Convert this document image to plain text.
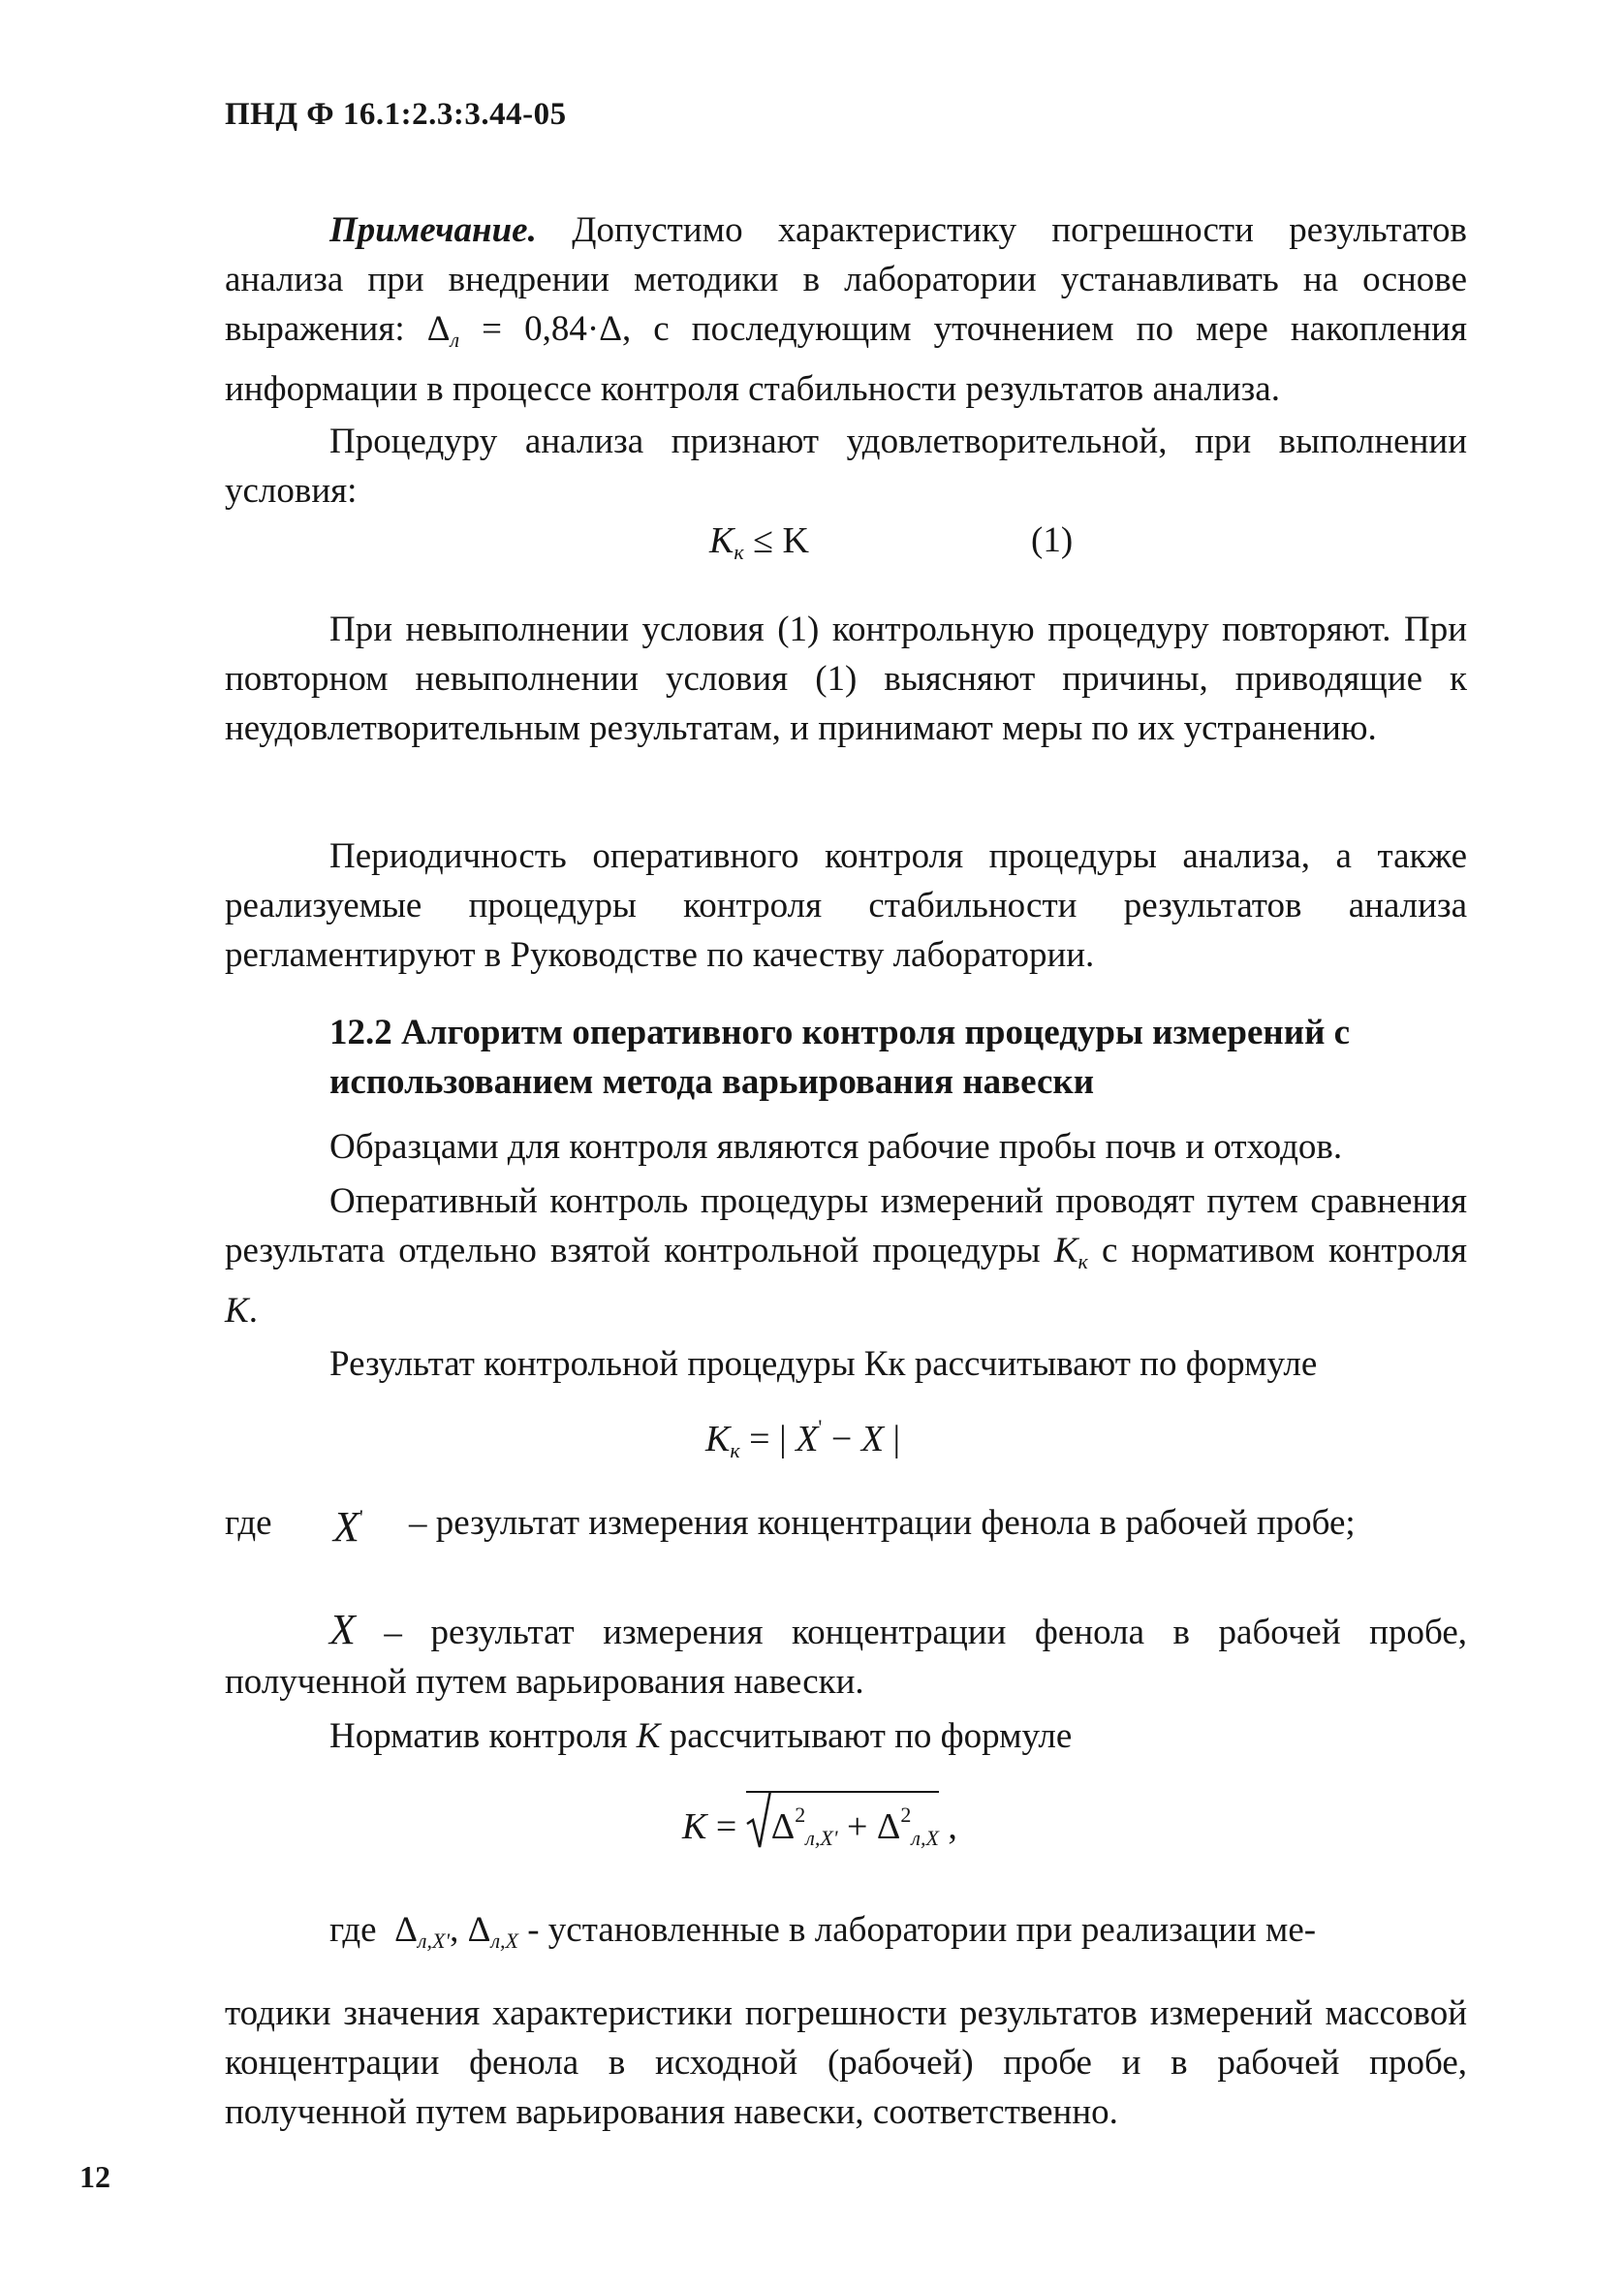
ПНД Ф 16.1:2.3:3.44-05

Примечание. Допустимо характеристику погрешности результатов анализа при внедрении методики в лаборатории устанавливать на основе выражения: $\Delta_л = 0,84\cdot\Delta$, с последующим уточнением по мере накопления информации в процессе контроля стабильности результатов анализа.

Процедуру анализа признают удовлетворительной, при выполнении условия:

$K_к \le K$	(1)

При невыполнении условия (1) контрольную процедуру повторяют. При повторном невыполнении условия (1) выясняют причины, приводящие к неудовлетворительным результатам, и принимают меры по их устранению.

Периодичность оперативного контроля процедуры анализа, а также реализуемые процедуры контроля стабильности результатов анализа регламентируют в Руководстве по качеству лаборатории.

12.2 Алгоритм оперативного контроля процедуры измерений с использованием метода варьирования навески

Образцами для контроля являются рабочие пробы почв и отходов.

Оперативный контроль процедуры измерений проводят путем сравнения результата отдельно взятой контрольной процедуры $K_к$ с нормативом контроля K.

Результат контрольной процедуры Кк рассчитывают по формуле

$K_к$ = | X' − X |
где X' – результат измерения концентрации фенола в рабочей пробе;

X – результат измерения концентрации фенола в рабочей пробе, полученной путем варьирования навески.

Норматив контроля K рассчитывают по формуле

K =
$\Delta^2_{л,X'} + \Delta^2_{л,X}$ ,
где $\Delta_{л,X'}$, $\Delta_{л,X}$ - установленные в лаборатории при реализации ме-

тодики значения характеристики погрешности результатов измерений массовой концентрации фенола в исходной (рабочей) пробе и в рабочей пробе, полученной путем варьирования навески, соответственно.

12
